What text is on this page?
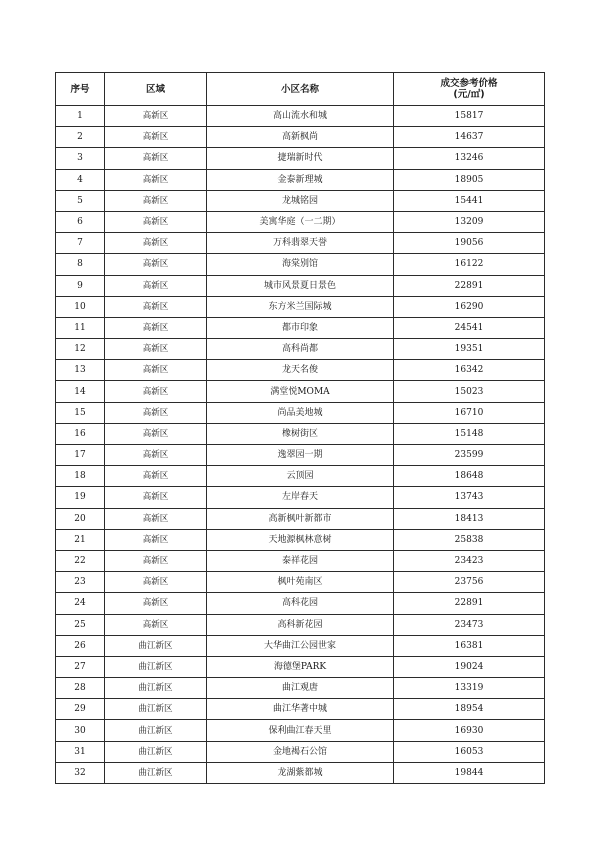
序号	区域	小区名称	成交参考价格
(元/㎡)

1	高新区	高山流水和城	15817
2	高新区	高新枫尚	14637
3	高新区	捷瑞新时代	13246
4	高新区	金泰新理城	18905
5	高新区	龙城铭园	15441
6	高新区	美寓华庭（一二期）	13209
7	高新区	万科翡翠天誉	19056
8	高新区	海棠别馆	16122
9	高新区	城市风景夏日景色	22891
10	高新区	东方米兰国际城	16290
11	高新区	都市印象	24541
12	高新区	高科尚都	19351
13	高新区	龙天名俊	16342
14	高新区	满堂悦MOMA	15023
15	高新区	尚品美地城	16710
16	高新区	橡树街区	15148
17	高新区	逸翠园一期	23599
18	高新区	云顶园	18648
19	高新区	左岸春天	13743
20	高新区	高新枫叶新都市	18413
21	高新区	天地源枫林意树	25838
22	高新区	泰祥花园	23423
23	高新区	枫叶苑南区	23756
24	高新区	高科花园	22891
25	高新区	高科新花园	23473
26	曲江新区	大华曲江公园世家	16381
27	曲江新区	海德堡PARK	19024
28	曲江新区	曲江观唐	13319
29	曲江新区	曲江华著中城	18954
30	曲江新区	保利曲江春天里	16930
31	曲江新区	金地褐石公馆	16053
32	曲江新区	龙湖紫都城	19844
